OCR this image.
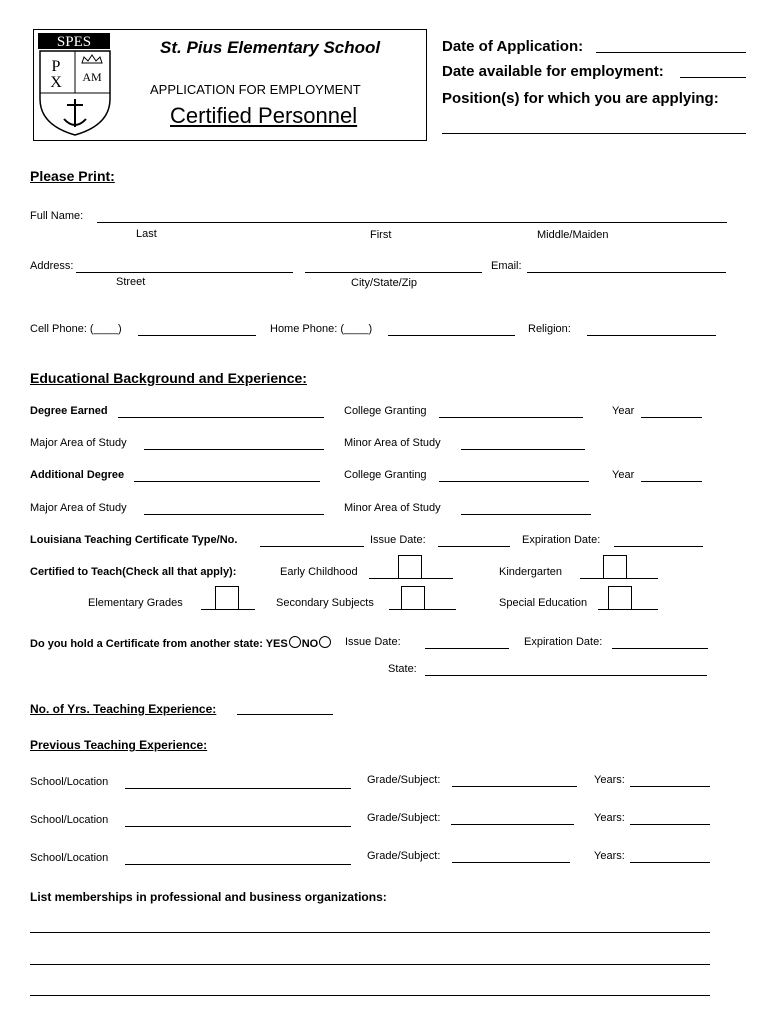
SPES
P
X AM
St. Pius Elementary School
APPLICATION FOR EMPLOYMENT
Certified Personnel
Date of Application:
Date available for employment:
Position(s) for which you are applying:
Please Print:
Full Name:
Last	First	Middle/Maiden
Address:	Email:
Street	City/State/Zip
Cell Phone: (____)	Home Phone: (____)	Religion:
Educational Background and Experience:
Degree Earned	College Granting	Year
Major Area of Study	Minor Area of Study
Additional Degree	College Granting	Year
Major Area of Study	Minor Area of Study
Louisiana Teaching Certificate Type/No.	Issue Date:	Expiration Date:
Certified to Teach(Check all that apply):	Early Childhood	Kindergarten
Elementary Grades	Secondary Subjects	Special Education
Do you hold a Certificate from another state: YES NO	Issue Date:	Expiration Date:
State:
No. of Yrs. Teaching Experience:
Previous Teaching Experience:
School/Location	Grade/Subject:	Years:
School/Location	Grade/Subject:	Years:
School/Location	Grade/Subject:	Years:
List memberships in professional and business organizations:
